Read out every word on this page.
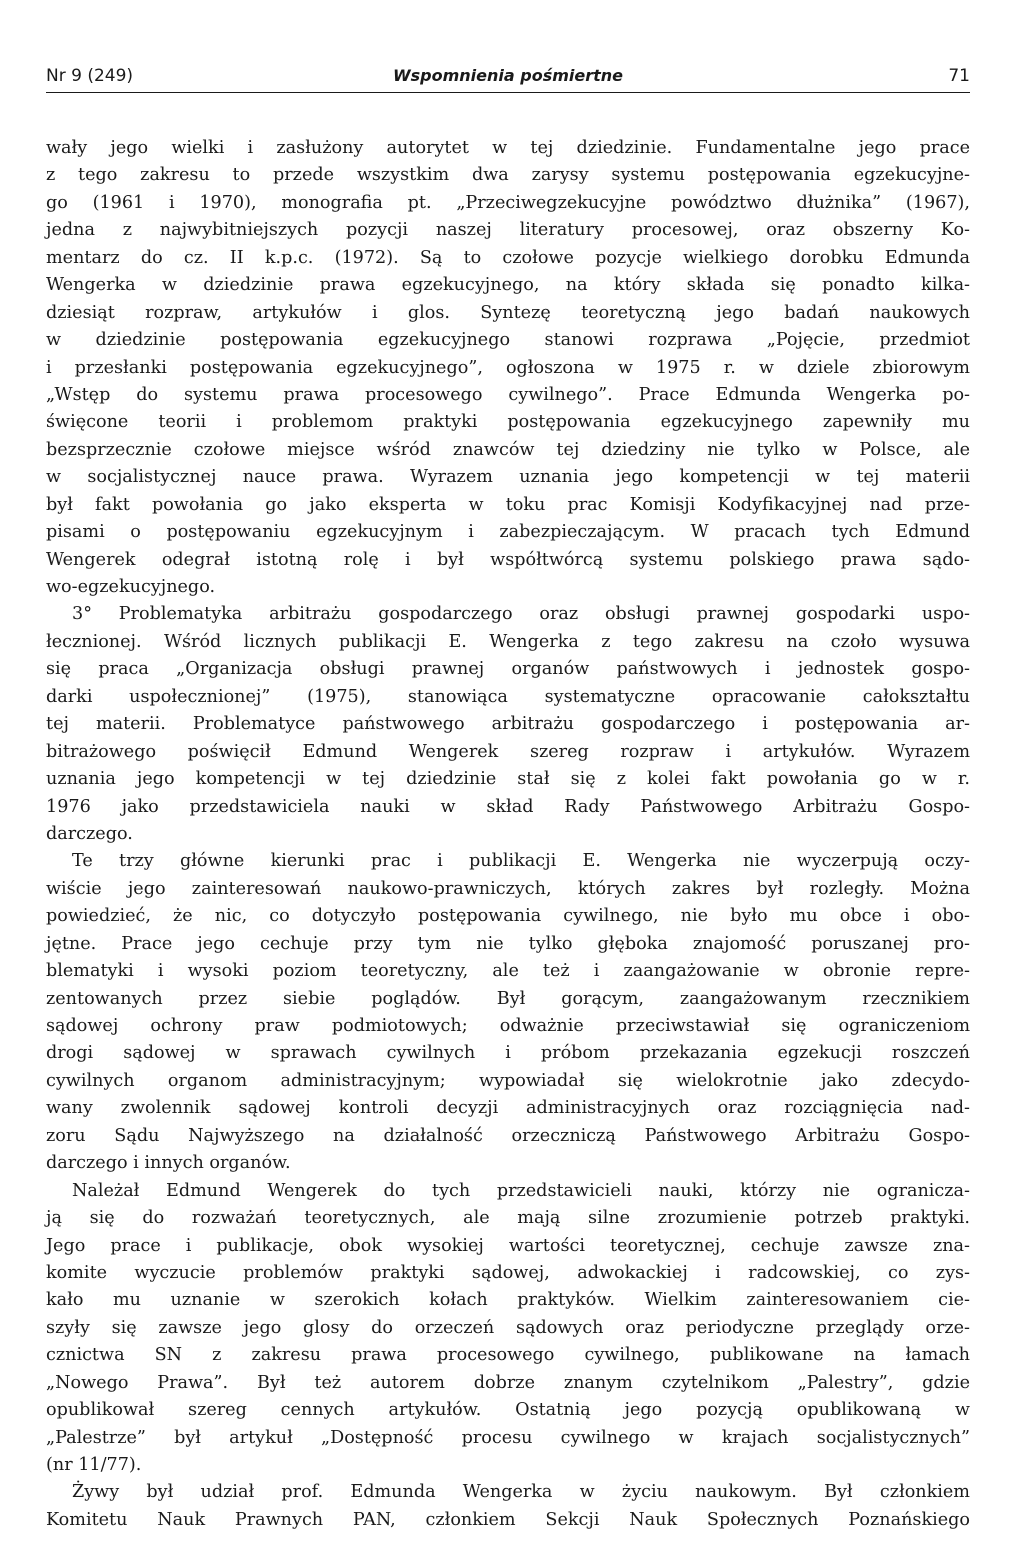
Nr 9 (249)	Wspomnienia pośmiertne	71
wały jego wielki i zasłużony autorytet w tej dziedzinie. Fundamentalne jego prace
z tego zakresu to przede wszystkim dwa zarysy systemu postępowania egzekucyjne-
go (1961 i 1970), monografia pt. „Przeciwegzekucyjne powództwo dłużnika” (1967),
jedna z najwybitniejszych pozycji naszej literatury procesowej, oraz obszerny Ko-
mentarz do cz. II k.p.c. (1972). Są to czołowe pozycje wielkiego dorobku Edmunda
Wengerka w dziedzinie prawa egzekucyjnego, na który składa się ponadto kilka-
dziesiąt rozpraw, artykułów i glos. Syntezę teoretyczną jego badań naukowych
w dziedzinie postępowania egzekucyjnego stanowi rozprawa „Pojęcie, przedmiot
i przesłanki postępowania egzekucyjnego”, ogłoszona w 1975 r. w dziele zbiorowym
„Wstęp do systemu prawa procesowego cywilnego”. Prace Edmunda Wengerka po-
święcone teorii i problemom praktyki postępowania egzekucyjnego zapewniły mu
bezsprzecznie czołowe miejsce wśród znawców tej dziedziny nie tylko w Polsce, ale
w socjalistycznej nauce prawa. Wyrazem uznania jego kompetencji w tej materii
był fakt powołania go jako eksperta w toku prac Komisji Kodyfikacyjnej nad prze-
pisami o postępowaniu egzekucyjnym i zabezpieczającym. W pracach tych Edmund
Wengerek odegrał istotną rolę i był współtwórcą systemu polskiego prawa sądo-
wo-egzekucyjnego.
3° Problematyka arbitrażu gospodarczego oraz obsługi prawnej gospodarki uspo-
łecznionej. Wśród licznych publikacji E. Wengerka z tego zakresu na czoło wysuwa
się praca „Organizacja obsługi prawnej organów państwowych i jednostek gospo-
darki uspołecznionej” (1975), stanowiąca systematyczne opracowanie całokształtu
tej materii. Problematyce państwowego arbitrażu gospodarczego i postępowania ar-
bitrażowego poświęcił Edmund Wengerek szereg rozpraw i artykułów. Wyrazem
uznania jego kompetencji w tej dziedzinie stał się z kolei fakt powołania go w r.
1976 jako przedstawiciela nauki w skład Rady Państwowego Arbitrażu Gospo-
darczego.
Te trzy główne kierunki prac i publikacji E. Wengerka nie wyczerpują oczy-
wiście jego zainteresowań naukowo-prawniczych, których zakres był rozległy. Można
powiedzieć, że nic, co dotyczyło postępowania cywilnego, nie było mu obce i obo-
jętne. Prace jego cechuje przy tym nie tylko głęboka znajomość poruszanej pro-
blematyki i wysoki poziom teoretyczny, ale też i zaangażowanie w obronie repre-
zentowanych przez siebie poglądów. Był gorącym, zaangażowanym rzecznikiem
sądowej ochrony praw podmiotowych; odważnie przeciwstawiał się ograniczeniom
drogi sądowej w sprawach cywilnych i próbom przekazania egzekucji roszczeń
cywilnych organom administracyjnym; wypowiadał się wielokrotnie jako zdecydo-
wany zwolennik sądowej kontroli decyzji administracyjnych oraz rozciągnięcia nad-
zoru Sądu Najwyższego na działalność orzeczniczą Państwowego Arbitrażu Gospo-
darczego i innych organów.
Należał Edmund Wengerek do tych przedstawicieli nauki, którzy nie ogranicza-
ją się do rozważań teoretycznych, ale mają silne zrozumienie potrzeb praktyki.
Jego prace i publikacje, obok wysokiej wartości teoretycznej, cechuje zawsze zna-
komite wyczucie problemów praktyki sądowej, adwokackiej i radcowskiej, co zys-
kało mu uznanie w szerokich kołach praktyków. Wielkim zainteresowaniem cie-
szyły się zawsze jego glosy do orzeczeń sądowych oraz periodyczne przeglądy orze-
cznictwa SN z zakresu prawa procesowego cywilnego, publikowane na łamach
„Nowego Prawa”. Był też autorem dobrze znanym czytelnikom „Palestry”, gdzie
opublikował szereg cennych artykułów. Ostatnią jego pozycją opublikowaną w
„Palestrze” był artykuł „Dostępność procesu cywilnego w krajach socjalistycznych”
(nr 11/77).
Żywy był udział prof. Edmunda Wengerka w życiu naukowym. Był członkiem
Komitetu Nauk Prawnych PAN, członkiem Sekcji Nauk Społecznych Poznańskiego
